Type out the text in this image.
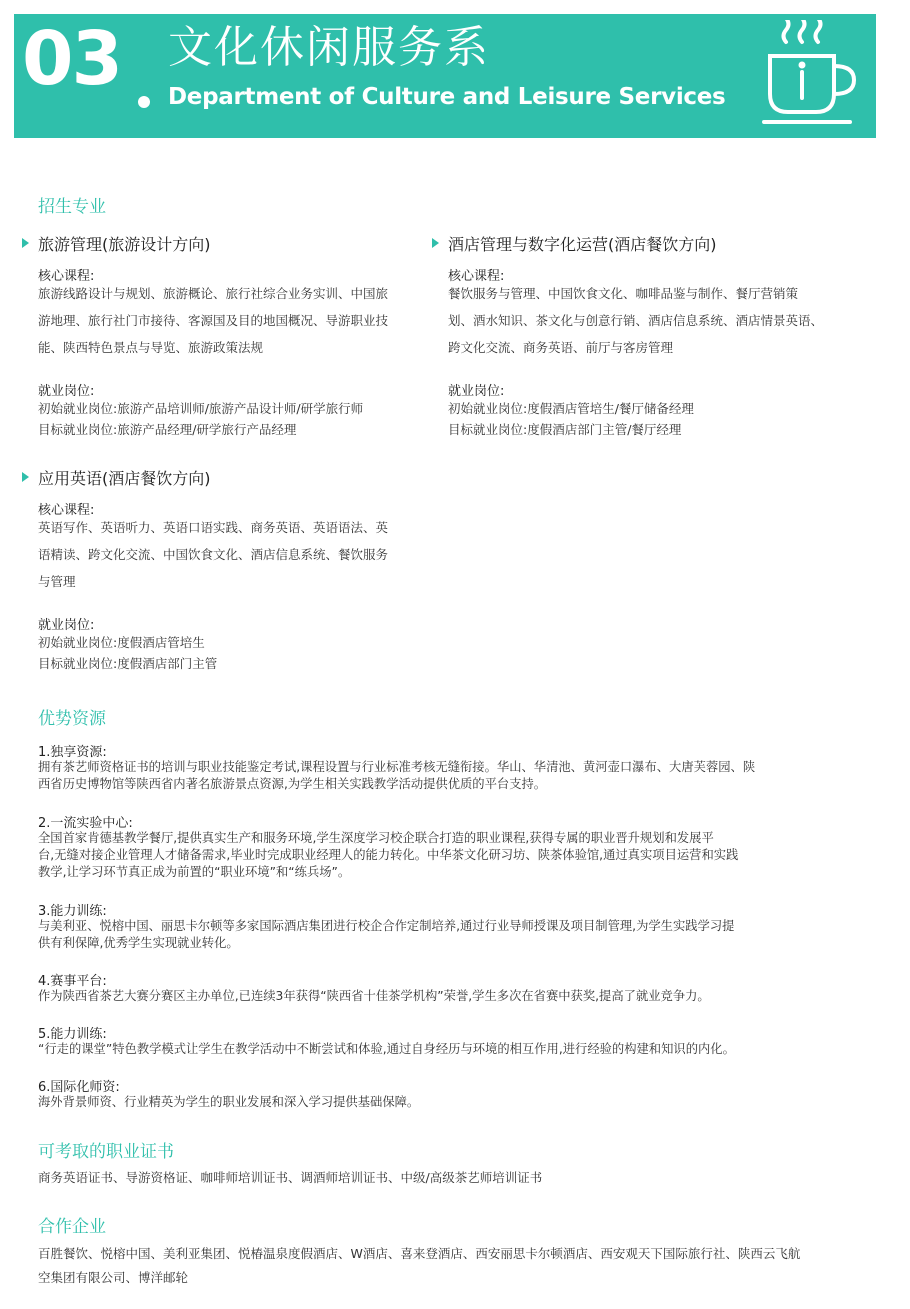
03 文化休闲服务系
Department of Culture and Leisure Services
招生专业
旅游管理(旅游设计方向)
核心课程:
旅游线路设计与规划、旅游概论、旅行社综合业务实训、中国旅
游地理、旅行社门市接待、客源国及目的地国概况、导游职业技
能、陕西特色景点与导览、旅游政策法规
就业岗位:
初始就业岗位:旅游产品培训师/旅游产品设计师/研学旅行师
目标就业岗位:旅游产品经理/研学旅行产品经理
酒店管理与数字化运营(酒店餐饮方向)
核心课程:
餐饮服务与管理、中国饮食文化、咖啡品鉴与制作、餐厅营销策
划、酒水知识、茶文化与创意行销、酒店信息系统、酒店情景英语、
跨文化交流、商务英语、前厅与客房管理
就业岗位:
初始就业岗位:度假酒店管培生/餐厅储备经理
目标就业岗位:度假酒店部门主管/餐厅经理
应用英语(酒店餐饮方向)
核心课程:
英语写作、英语听力、英语口语实践、商务英语、英语语法、英
语精读、跨文化交流、中国饮食文化、酒店信息系统、餐饮服务
与管理
就业岗位:
初始就业岗位:度假酒店管培生
目标就业岗位:度假酒店部门主管
优势资源
1.独享资源:
拥有茶艺师资格证书的培训与职业技能鉴定考试,课程设置与行业标准考核无缝衔接。华山、华清池、黄河壶口瀑布、大唐芙蓉园、陕
西省历史博物馆等陕西省内著名旅游景点资源,为学生相关实践教学活动提供优质的平台支持。
2.一流实验中心:
全国首家肯德基教学餐厅,提供真实生产和服务环境,学生深度学习校企联合打造的职业课程,获得专属的职业晋升规划和发展平
台,无缝对接企业管理人才储备需求,毕业时完成职业经理人的能力转化。中华茶文化研习坊、陕茶体验馆,通过真实项目运营和实践
教学,让学习环节真正成为前置的“职业环境”和“练兵场”。
3.能力训练:
与美利亚、悦榕中国、丽思卡尔顿等多家国际酒店集团进行校企合作定制培养,通过行业导师授课及项目制管理,为学生实践学习提
供有利保障,优秀学生实现就业转化。
4.赛事平台:
作为陕西省茶艺大赛分赛区主办单位,已连续3年获得“陕西省十佳茶学机构”荣誉,学生多次在省赛中获奖,提高了就业竞争力。
5.能力训练:
“行走的课堂”特色教学模式让学生在教学活动中不断尝试和体验,通过自身经历与环境的相互作用,进行经验的构建和知识的内化。
6.国际化师资:
海外背景师资、行业精英为学生的职业发展和深入学习提供基础保障。
可考取的职业证书
商务英语证书、导游资格证、咖啡师培训证书、调酒师培训证书、中级/高级茶艺师培训证书
合作企业
百胜餐饮、悦榕中国、美利亚集团、悦椿温泉度假酒店、W酒店、喜来登酒店、西安丽思卡尔顿酒店、西安观天下国际旅行社、陕西云飞航
空集团有限公司、博洋邮轮
